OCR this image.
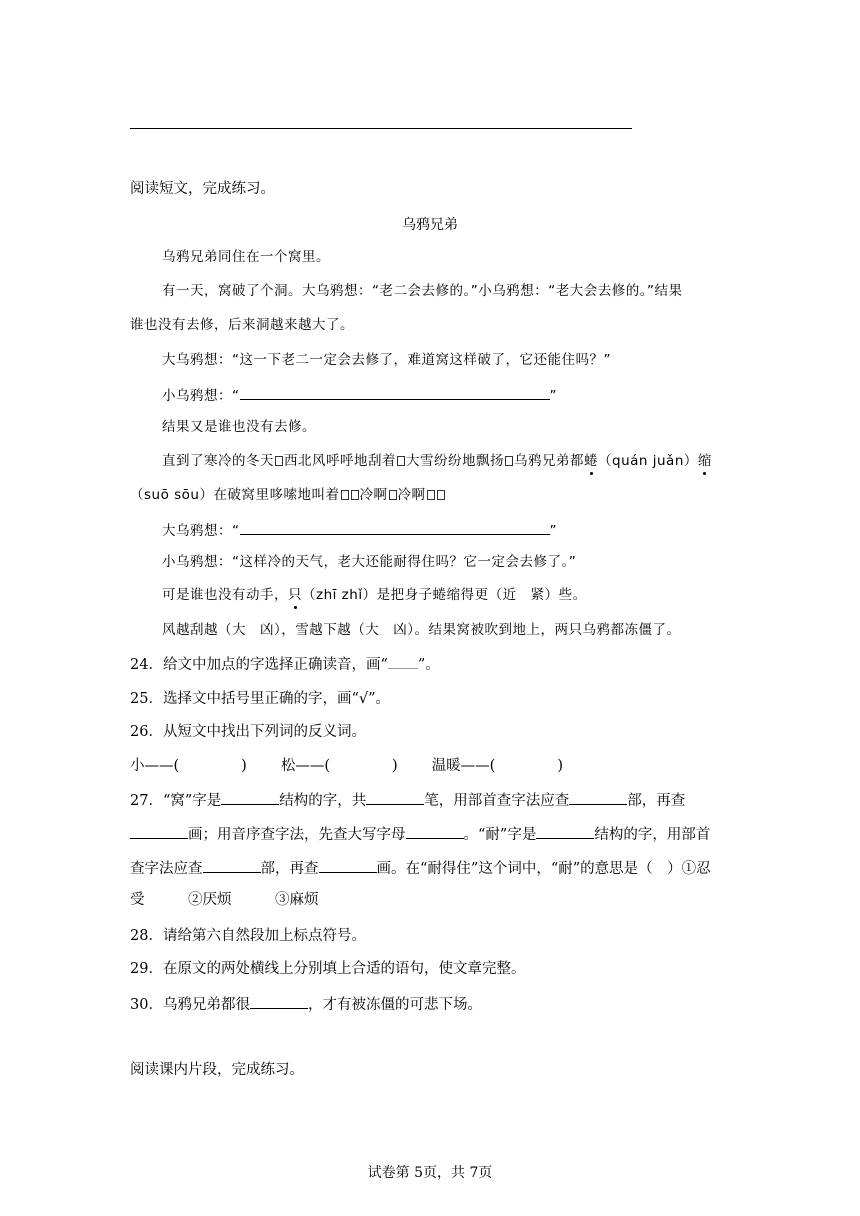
阅读短文，完成练习。
乌鸦兄弟
乌鸦兄弟同住在一个窝里。
有一天，窝破了个洞。大乌鸦想：“老二会去修的。”小乌鸦想：“老大会去修的。”结果
谁也没有去修，后来洞越来越大了。
大乌鸦想：“这一下老二一定会去修了，难道窝这样破了，它还能住吗？”
小乌鸦想：“	”
结果又是谁也没有去修。
直到了寒冷的冬天 西北风呼呼地刮着 大雪纷纷地飘扬 乌鸦兄弟都蜷（quán juǎn）缩
（suō sōu）在破窝里哆嗦地叫着 冷啊 冷啊
大乌鸦想：“	”
小乌鸦想：“这样冷的天气，老大还能耐得住吗？它一定会去修了。”
可是谁也没有动手，只（zhī zhǐ）是把身子蜷缩得更（近　紧）些。
风越刮越（大　凶），雪越下越（大　凶）。结果窝被吹到地上，两只乌鸦都冻僵了。
24．给文中加点的字选择正确读音，画“ ”。
25．选择文中括号里正确的字，画“√”。
26．从短文中找出下列词的反义词。
小——(	) 松——(	) 温暖——(	)
27．“窝”字是	结构的字，共	笔，用部首查字法应查	部，再查
画；用音序查字法，先查大写字母	。“耐”字是	结构的字，用部首
查字法应查	部，再查	画。在“耐得住”这个词中，“耐”的意思是（　）①忍
受　　　②厌烦　　　③麻烦
28．请给第六自然段加上标点符号。
29．在原文的两处横线上分别填上合适的语句，使文章完整。
30．乌鸦兄弟都很	，才有被冻僵的可悲下场。
阅读课内片段，完成练习。
试卷第 5页，共 7页
